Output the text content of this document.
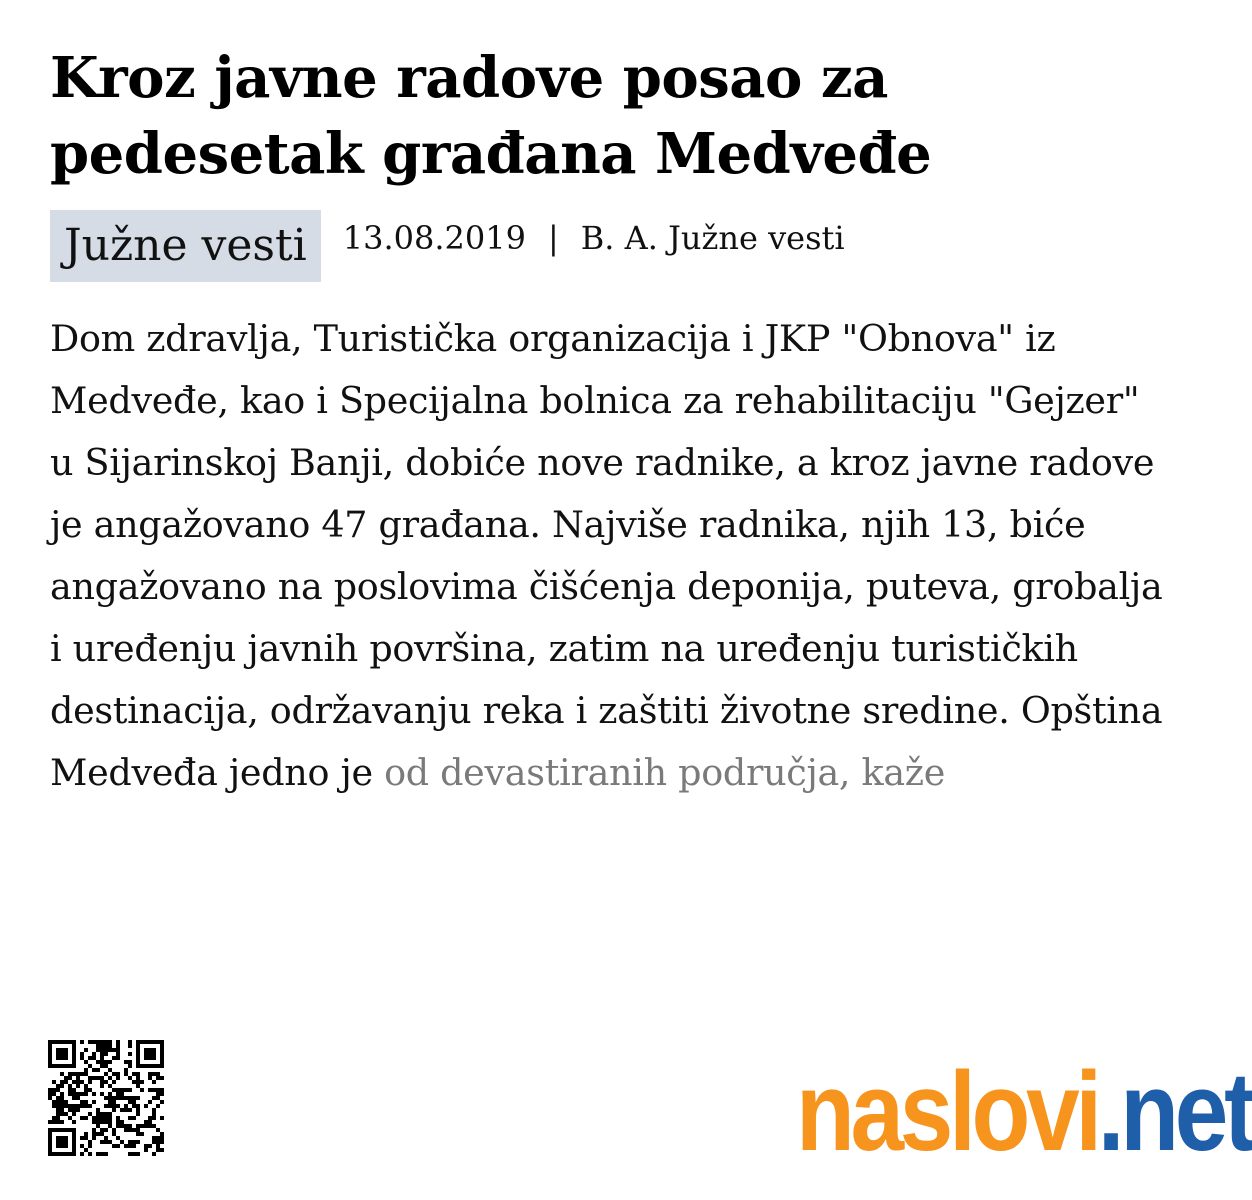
Kroz javne radove posao za pedesetak građana Medveđe
Južne vesti	13.08.2019 | B. A. Južne vesti

Dom zdravlja, Turistička organizacija i JKP "Obnova" iz Medveđe, kao i Specijalna bolnica za rehabilitaciju "Gejzer" u Sijarinskoj Banji, dobiće nove radnike, a kroz javne radove je angažovano 47 građana. Najviše radnika, njih 13, biće angažovano na poslovima čišćenja deponija, puteva, grobalja i uređenju javnih površina, zatim na uređenju turističkih destinacija, održavanju reka i zaštiti životne sredine. Opština Medveđa jedno je od devastiranih područja, kaže

naslovi.net
